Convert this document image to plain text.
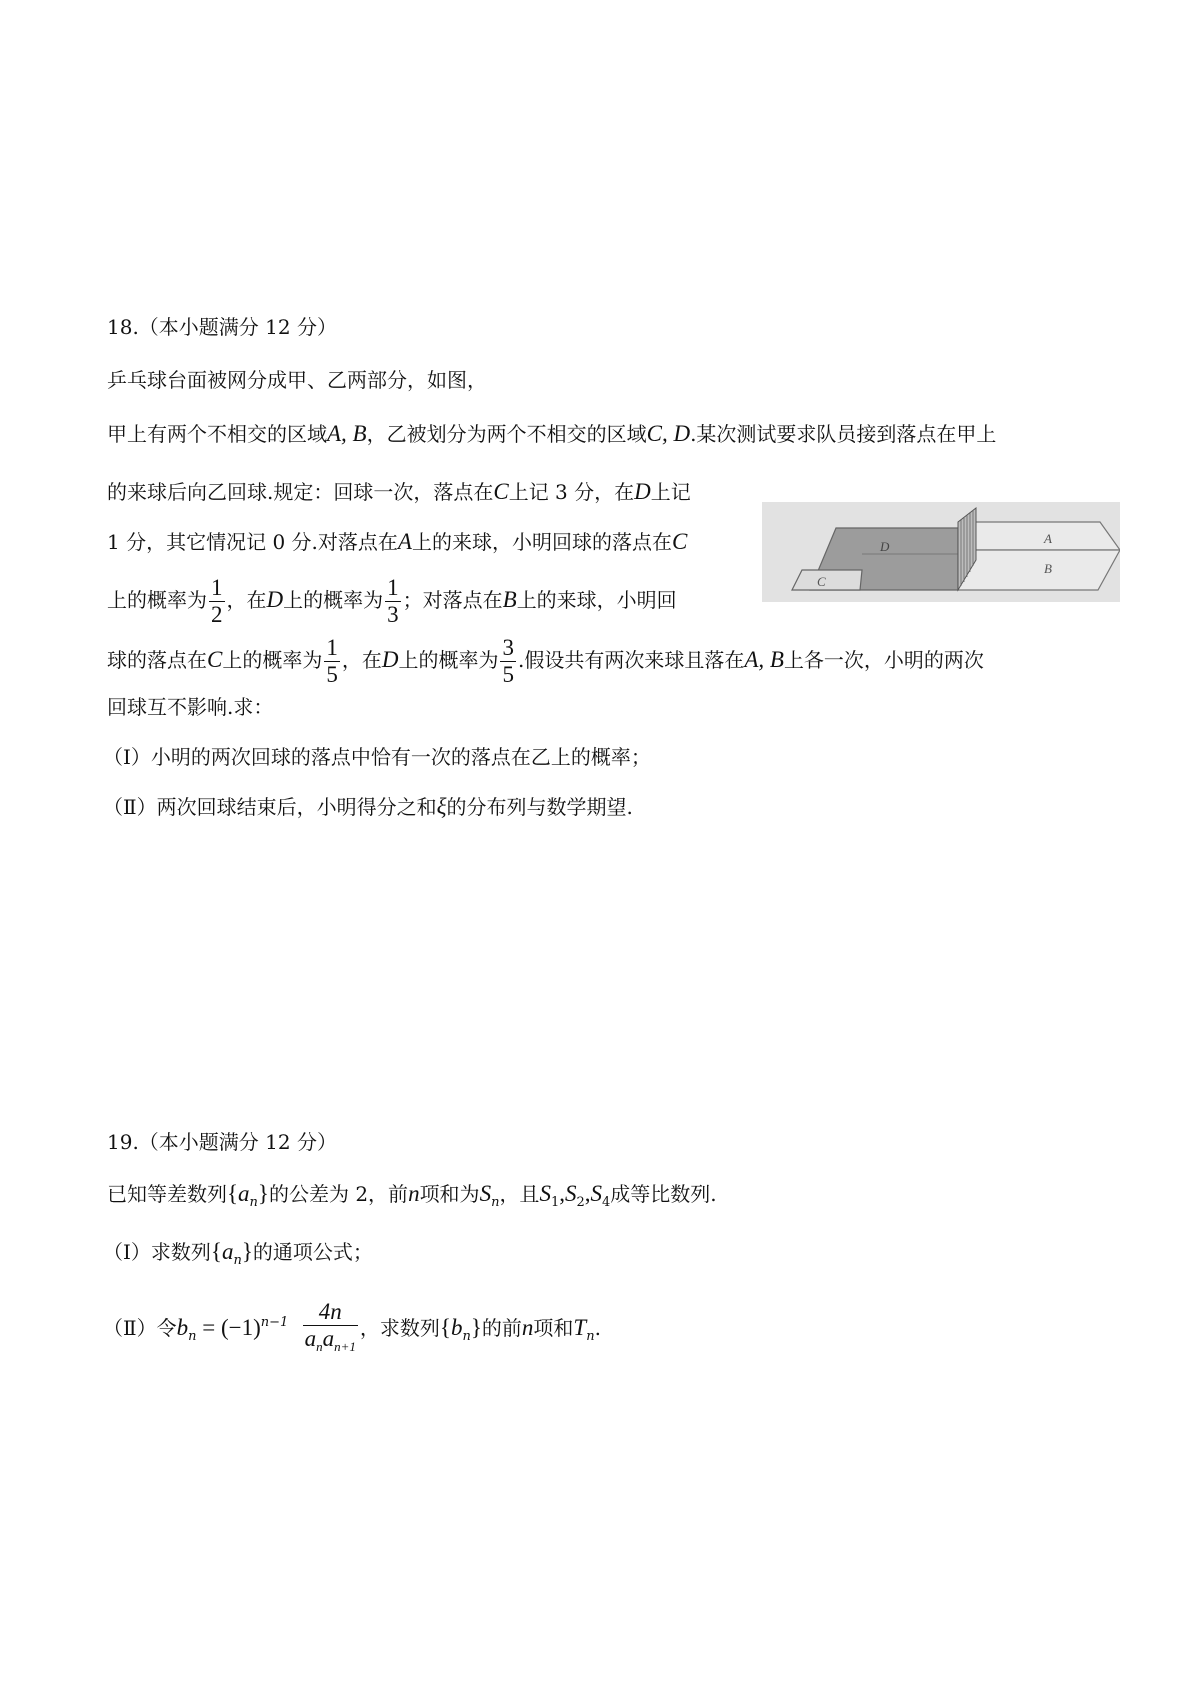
18.（本小题满分 12 分）
乒乓球台面被网分成甲、乙两部分，如图，
甲上有两个不相交的区域A, B，乙被划分为两个不相交的区域C, D.某次测试要求队员接到落点在甲上
的来球后向乙回球.规定：回球一次，落点在C上记 3 分，在D上记
1 分，其它情况记 0 分.对落点在A上的来球，小明回球的落点在C
上的概率为 $\frac{1}{2}$ ，在D上的概率为 $\frac{1}{3}$ ；对落点在B上的来球，小明回
球的落点在C上的概率为 $\frac{1}{5}$ ，在D上的概率为 $\frac{3}{5}$ .假设共有两次来球且落在A, B上各一次，小明的两次
回球互不影响.求：
（Ⅰ）小明的两次回球的落点中恰有一次的落点在乙上的概率；
（Ⅱ）两次回球结束后，小明得分之和ξ的分布列与数学期望.
A
B
C
D
19.（本小题满分 12 分）
已知等差数列$\{a_n\}$的公差为 2，前n项和为$S_n$，且$S_1,S_2,S_4$成等比数列.
（Ⅰ）求数列$\{a_n\}$的通项公式；
（Ⅱ）令$b_n = (-1)^{n-1} \frac{4n}{a_na_{n+1}}$ ，求数列$\{b_n\}$的前n项和$T_n$.
